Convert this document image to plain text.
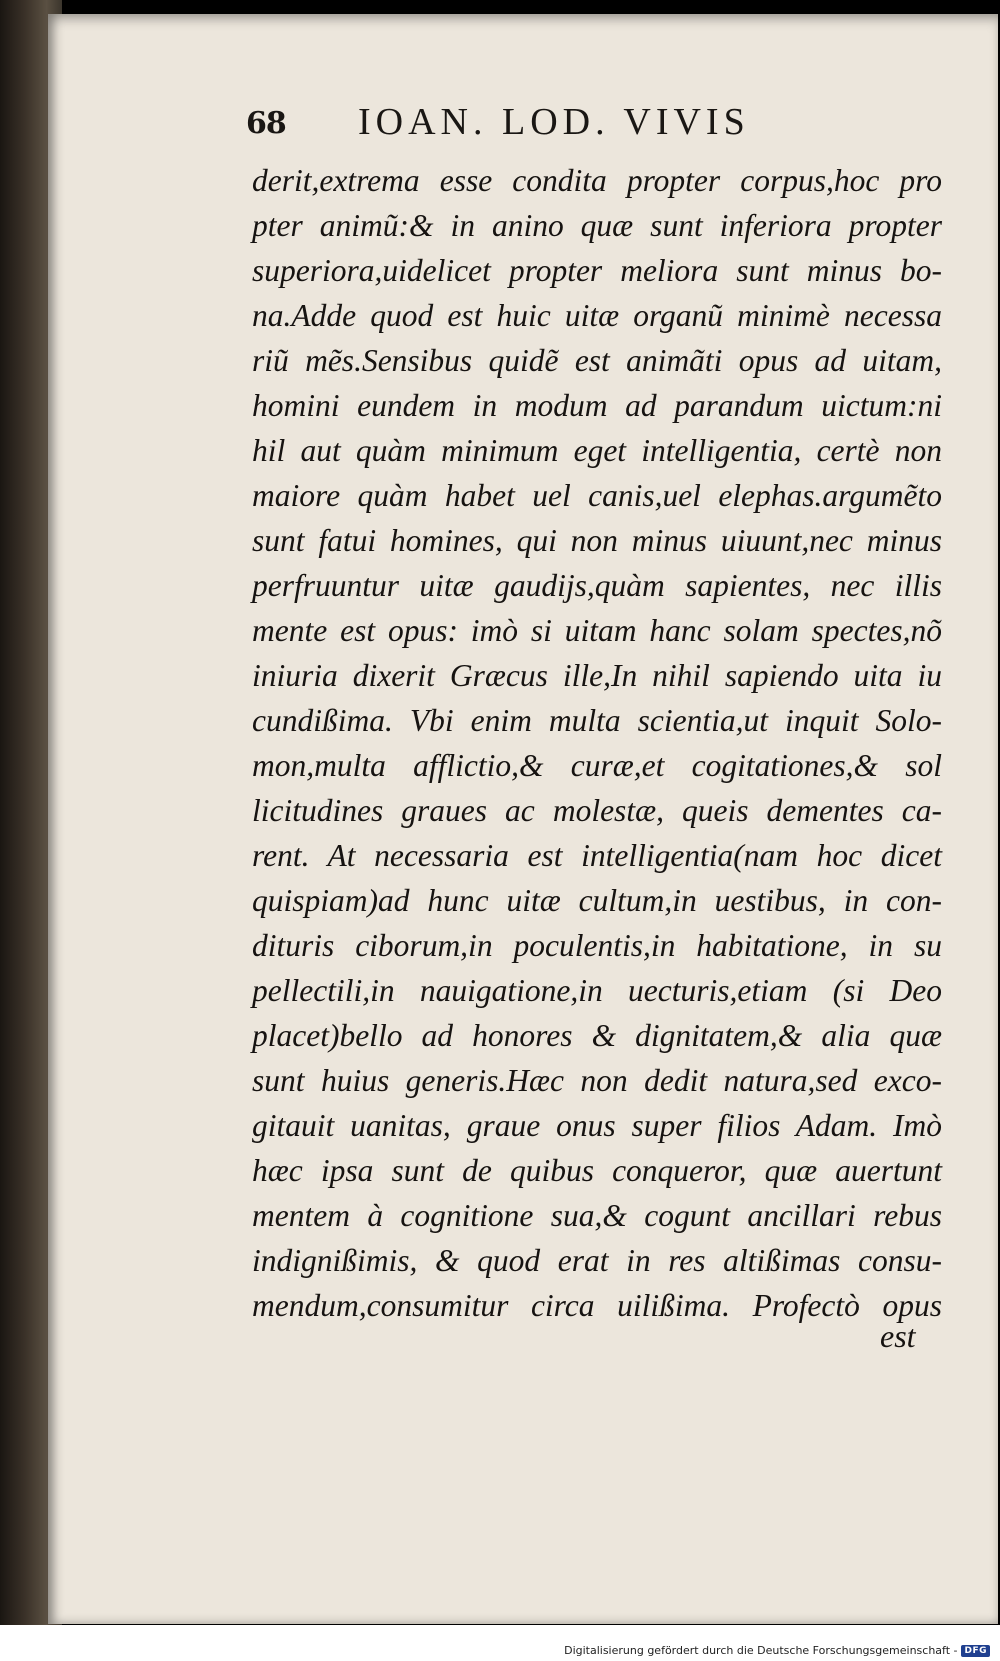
68 IOAN. LOD. VIVIS
derit,extrema esse condita propter corpus,hoc pro
pter animũ:& in anino quæ sunt inferiora propter
superiora,uidelicet propter meliora sunt minus bo-
na.Adde quod est huic uitæ organũ minimè necessa
riũ mẽs.Sensibus quidẽ est animãti opus ad uitam,
homini eundem in modum ad parandum uictum:ni
hil aut quàm minimum eget intelligentia, certè non
maiore quàm habet uel canis,uel elephas.argumẽto
sunt fatui homines, qui non minus uiuunt,nec minus
perfruuntur uitæ gaudijs,quàm sapientes, nec illis
mente est opus: imò si uitam hanc solam spectes,nõ
iniuria dixerit Græcus ille,In nihil sapiendo uita iu
cundißima. Vbi enim multa scientia,ut inquit Solo-
mon,multa afflictio,& curæ,et cogitationes,& sol
licitudines graues ac molestæ, queis dementes ca-
rent. At necessaria est intelligentia(nam hoc dicet
quispiam)ad hunc uitæ cultum,in uestibus, in con-
dituris ciborum,in poculentis,in habitatione, in su
pellectili,in nauigatione,in uecturis,etiam (si Deo
placet)bello ad honores & dignitatem,& alia quæ
sunt huius generis.Hæc non dedit natura,sed exco-
gitauit uanitas, graue onus super filios Adam. Imò
hæc ipsa sunt de quibus conqueror, quæ auertunt
mentem à cognitione sua,& cogunt ancillari rebus
indignißimis, & quod erat in res altißimas consu-
mendum,consumitur circa uilißima. Profectò opus
est
Digitalisierung gefördert durch die Deutsche Forschungsgemeinschaft - DFG
